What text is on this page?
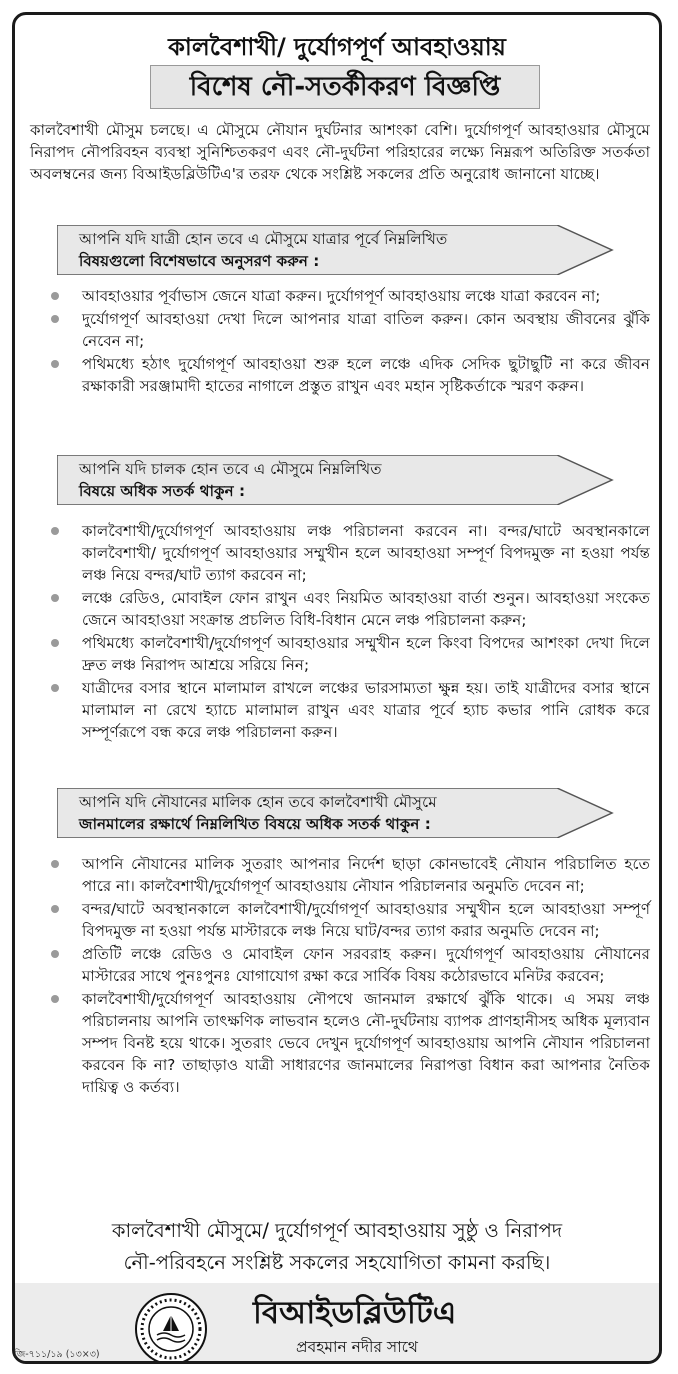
কালবৈশাখী/ দুর্যোগপূর্ণ আবহাওয়ায়
বিশেষ নৌ-সতর্কীকরণ বিজ্ঞপ্তি
কালবৈশাখী মৌসুম চলছে। এ মৌসুমে নৌযান দুর্ঘটনার আশংকা বেশি। দুর্যোগপূর্ণ আবহাওয়ার মৌসুমে নিরাপদ নৌপরিবহন ব্যবস্থা সুনিশ্চিতকরণ এবং নৌ-দুর্ঘটনা পরিহারের লক্ষ্যে নিম্নরূপ অতিরিক্ত সতর্কতা অবলম্বনের জন্য বিআইডব্লিউটিএ'র তরফ থেকে সংশ্লিষ্ট সকলের প্রতি অনুরোধ জানানো যাচ্ছে।
আপনি যদি যাত্রী হোন তবে এ মৌসুমে যাত্রার পূর্বে নিম্নলিখিত
বিষয়গুলো বিশেষভাবে অনুসরণ করুন :
আবহাওয়ার পূর্বাভাস জেনে যাত্রা করুন। দুর্যোগপূর্ণ আবহাওয়ায় লঞ্চে যাত্রা করবেন না;
দুর্যোগপূর্ণ আবহাওয়া দেখা দিলে আপনার যাত্রা বাতিল করুন। কোন অবস্থায় জীবনের ঝুঁকি নেবেন না;
পথিমধ্যে হঠাৎ দুর্যোগপূর্ণ আবহাওয়া শুরু হলে লঞ্চে এদিক সেদিক ছুটাছুটি না করে জীবন রক্ষাকারী সরঞ্জামাদী হাতের নাগালে প্রস্তুত রাখুন এবং মহান সৃষ্টিকর্তাকে স্মরণ করুন।
আপনি যদি চালক হোন তবে এ মৌসুমে নিম্নলিখিত
বিষয়ে অধিক সতর্ক থাকুন :
কালবৈশাখী/দুর্যোগপূর্ণ আবহাওয়ায় লঞ্চ পরিচালনা করবেন না। বন্দর/ঘাটে অবস্থানকালে কালবৈশাখী/ দুর্যোগপূর্ণ আবহাওয়ার সম্মুখীন হলে আবহাওয়া সম্পূর্ণ বিপদমুক্ত না হওয়া পর্যন্ত লঞ্চ নিয়ে বন্দর/ঘাট ত্যাগ করবেন না;
লঞ্চে রেডিও, মোবাইল ফোন রাখুন এবং নিয়মিত আবহাওয়া বার্তা শুনুন। আবহাওয়া সংকেত জেনে আবহাওয়া সংক্রান্ত প্রচলিত বিধি-বিধান মেনে লঞ্চ পরিচালনা করুন;
পথিমধ্যে কালবৈশাখী/দুর্যোগপূর্ণ আবহাওয়ার সম্মুখীন হলে কিংবা বিপদের আশংকা দেখা দিলে দ্রুত লঞ্চ নিরাপদ আশ্রয়ে সরিয়ে নিন;
যাত্রীদের বসার স্থানে মালামাল রাখলে লঞ্চের ভারসাম্যতা ক্ষুন্ন হয়। তাই যাত্রীদের বসার স্থানে মালামাল না রেখে হ্যাচে মালামাল রাখুন এবং যাত্রার পূর্বে হ্যাচ কভার পানি রোধক করে সম্পূর্ণরূপে বন্ধ করে লঞ্চ পরিচালনা করুন।
আপনি যদি নৌযানের মালিক হোন তবে কালবৈশাখী মৌসুমে
জানমালের রক্ষার্থে নিম্নলিখিত বিষয়ে অধিক সতর্ক থাকুন :
আপনি নৌযানের মালিক সুতরাং আপনার নির্দেশ ছাড়া কোনভাবেই নৌযান পরিচালিত হতে পারে না। কালবৈশাখী/দুর্যোগপূর্ণ আবহাওয়ায় নৌযান পরিচালনার অনুমতি দেবেন না;
বন্দর/ঘাটে অবস্থানকালে কালবৈশাখী/দুর্যোগপূর্ণ আবহাওয়ার সম্মুখীন হলে আবহাওয়া সম্পূর্ণ বিপদমুক্ত না হওয়া পর্যন্ত মাস্টারকে লঞ্চ নিয়ে ঘাট/বন্দর ত্যাগ করার অনুমতি দেবেন না;
প্রতিটি লঞ্চে রেডিও ও মোবাইল ফোন সরবরাহ করুন। দুর্যোগপূর্ণ আবহাওয়ায় নৌযানের মাস্টারের সাথে পুনঃপুনঃ যোগাযোগ রক্ষা করে সার্বিক বিষয় কঠোরভাবে মনিটর করবেন;
কালবৈশাখী/দুর্যোগপূর্ণ আবহাওয়ায় নৌপথে জানমাল রক্ষার্থে ঝুঁকি থাকে। এ সময় লঞ্চ পরিচালনায় আপনি তাৎক্ষণিক লাভবান হলেও নৌ-দুর্ঘটনায় ব্যাপক প্রাণহানীসহ অধিক মূল্যবান সম্পদ বিনষ্ট হয়ে থাকে। সুতরাং ভেবে দেখুন দুর্যোগপূর্ণ আবহাওয়ায় আপনি নৌযান পরিচালনা করবেন কি না? তাছাড়াও যাত্রী সাধারণের জানমালের নিরাপত্তা বিধান করা আপনার নৈতিক দায়িত্ব ও কর্তব্য।
কালবৈশাখী মৌসুমে/ দুর্যোগপূর্ণ আবহাওয়ায় সুষ্ঠু ও নিরাপদ
নৌ-পরিবহনে সংশ্লিষ্ট সকলের সহযোগিতা কামনা করছি।
বিআইডব্লিউটিএ
প্রবহমান নদীর সাথে
জি-৭১১/১৯ (১৩×৩)
